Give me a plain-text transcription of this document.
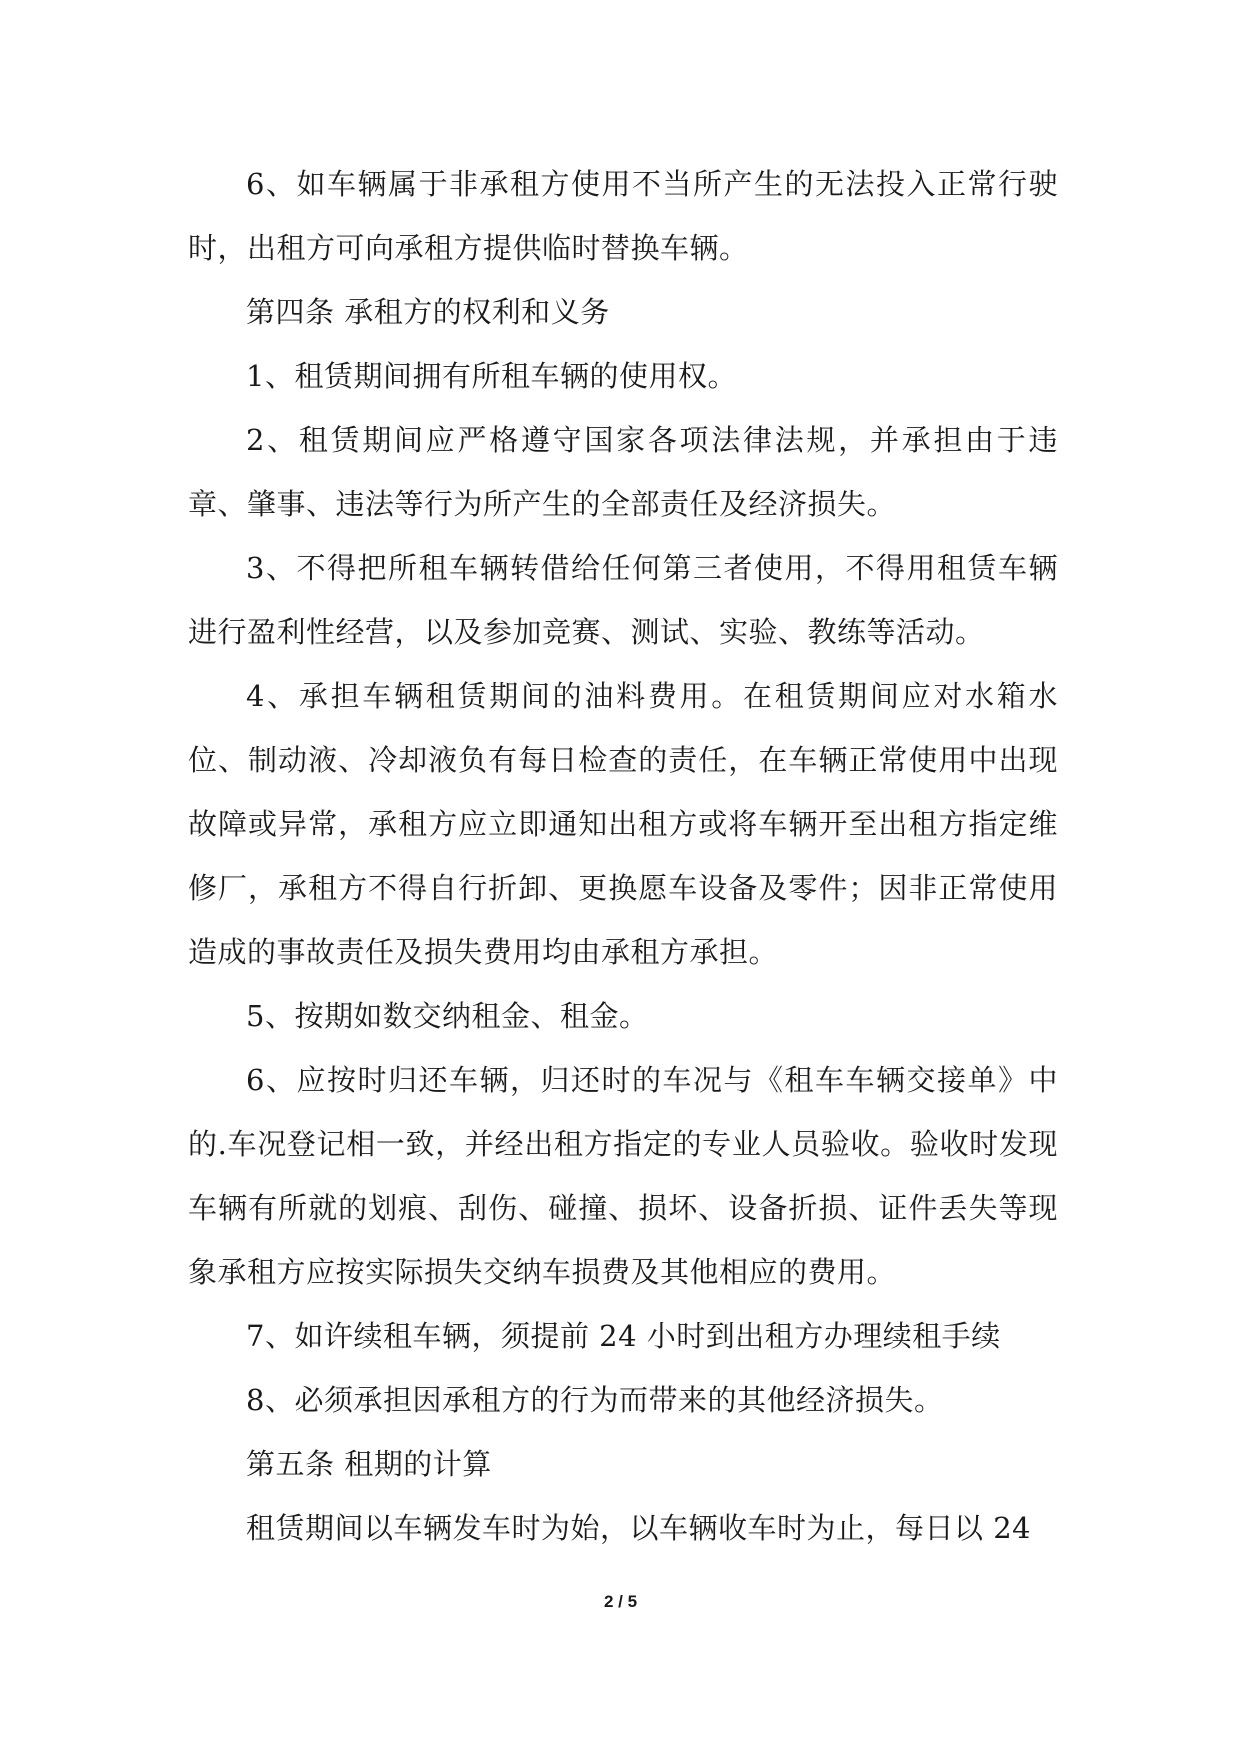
6、如车辆属于非承租方使用不当所产生的无法投入正常行驶时，出租方可向承租方提供临时替换车辆。

第四条 承租方的权利和义务

1、租赁期间拥有所租车辆的使用权。

2、租赁期间应严格遵守国家各项法律法规，并承担由于违章、肇事、违法等行为所产生的全部责任及经济损失。

3、不得把所租车辆转借给任何第三者使用，不得用租赁车辆进行盈利性经营，以及参加竞赛、测试、实验、教练等活动。

4、承担车辆租赁期间的油料费用。在租赁期间应对水箱水位、制动液、冷却液负有每日检查的责任，在车辆正常使用中出现故障或异常，承租方应立即通知出租方或将车辆开至出租方指定维修厂，承租方不得自行折卸、更换愿车设备及零件；因非正常使用造成的事故责任及损失费用均由承租方承担。

5、按期如数交纳租金、租金。

6、应按时归还车辆，归还时的车况与《租车车辆交接单》中的.车况登记相一致，并经出租方指定的专业人员验收。验收时发现车辆有所就的划痕、刮伤、碰撞、损坏、设备折损、证件丢失等现象承租方应按实际损失交纳车损费及其他相应的费用。

7、如许续租车辆，须提前 24 小时到出租方办理续租手续

8、必须承担因承租方的行为而带来的其他经济损失。

第五条 租期的计算

租赁期间以车辆发车时为始，以车辆收车时为止，每日以 24

2 / 5
